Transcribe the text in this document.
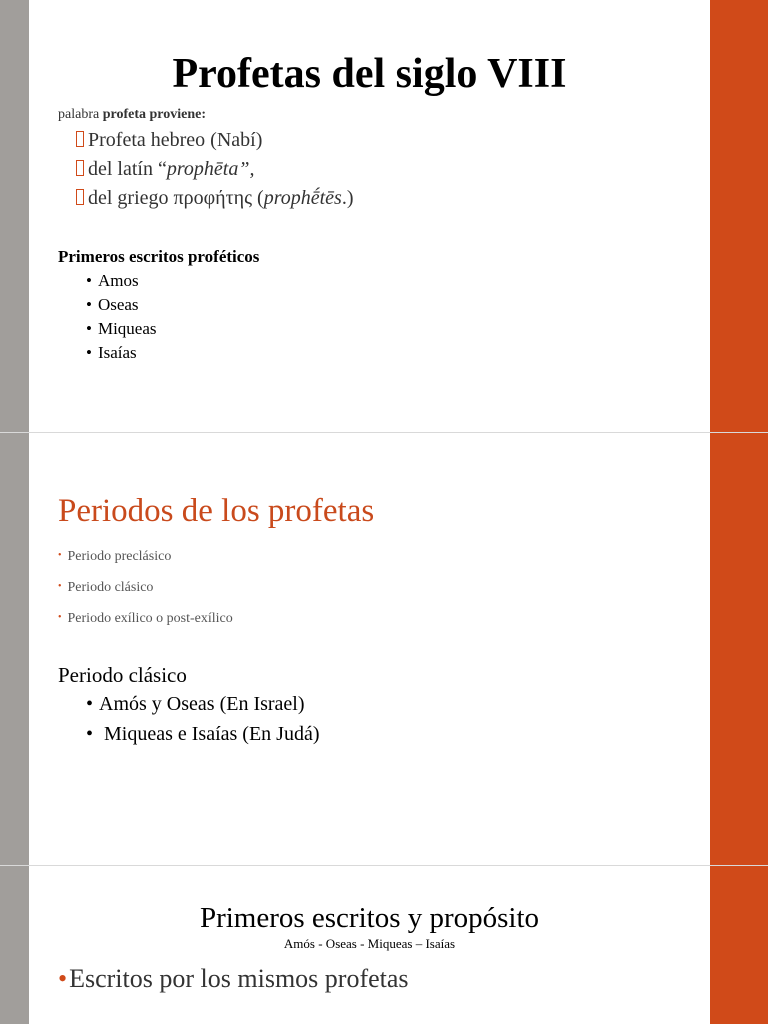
Profetas del siglo VIII
palabra profeta proviene:
Profeta hebreo (Nabí)
del latín “prophēta”,
del griego προφήτης (prophḗtēs.)
Primeros escritos proféticos
• Amos
• Oseas
• Miqueas
• Isaías
Periodos de los profetas
• Periodo preclásico
• Periodo clásico
• Periodo exílico o post-exílico
Periodo clásico
• Amós y Oseas (En Israel)
• Miqueas e Isaías (En Judá)
Primeros escritos y propósito
Amós - Oseas - Miqueas – Isaías
•Escritos por los mismos profetas
